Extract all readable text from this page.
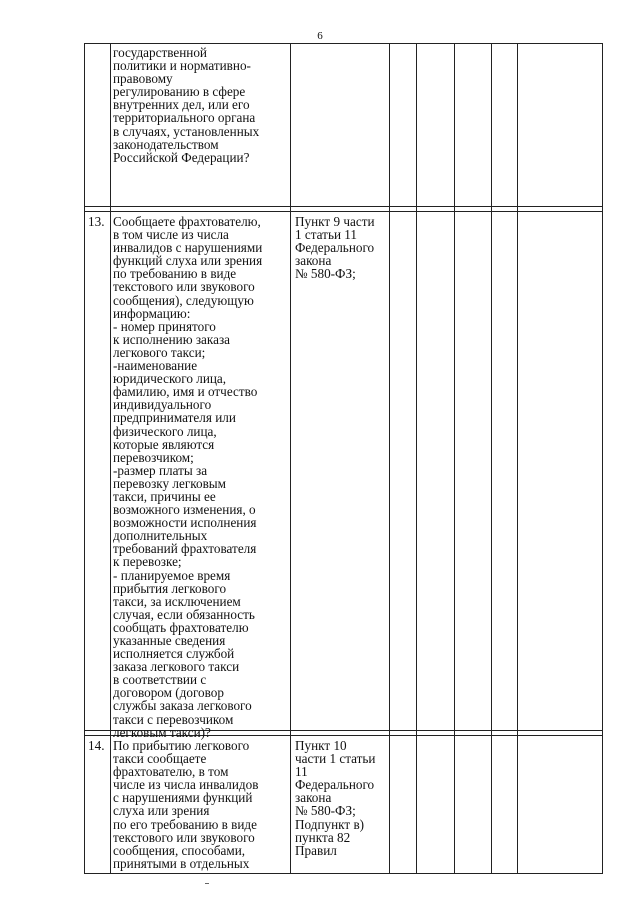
6
государственной
политики и нормативно-
правовому
регулированию в сфере
внутренних дел, или его
территориального органа
в случаях, установленных
законодательством
Российской Федерации?
13. Сообщаете фрахтователю,
в том числе из числа
инвалидов с нарушениями
функций слуха или зрения
по требованию в виде
текстового или звукового
сообщения), следующую
информацию:
- номер принятого
к исполнению заказа
легкового такси;
-наименование
юридического лица,
фамилию, имя и отчество
индивидуального
предпринимателя или
физического лица,
которые являются
перевозчиком;
-размер платы за
перевозку легковым
такси, причины ее
возможного изменения, о
возможности исполнения
дополнительных
требований фрахтователя
к перевозке;
- планируемое время
прибытия легкового
такси, за исключением
случая, если обязанность
сообщать фрахтователю
указанные сведения
исполняется службой
заказа легкового такси
в соответствии с
договором (договор
службы заказа легкового
такси с перевозчиком
легковым такси)?
Пункт 9 части
1 статьи 11
Федерального
закона
№ 580-ФЗ;
14. По прибытию легкового
такси сообщаете
фрахтователю, в том
числе из числа инвалидов
с нарушениями функций
слуха или зрения
по его требованию в виде
текстового или звукового
сообщения, способами,
принятыми в отдельных
Пункт 10
части 1 статьи
11
Федерального
закона
№ 580-ФЗ;
Подпункт в)
пункта 82
Правил
